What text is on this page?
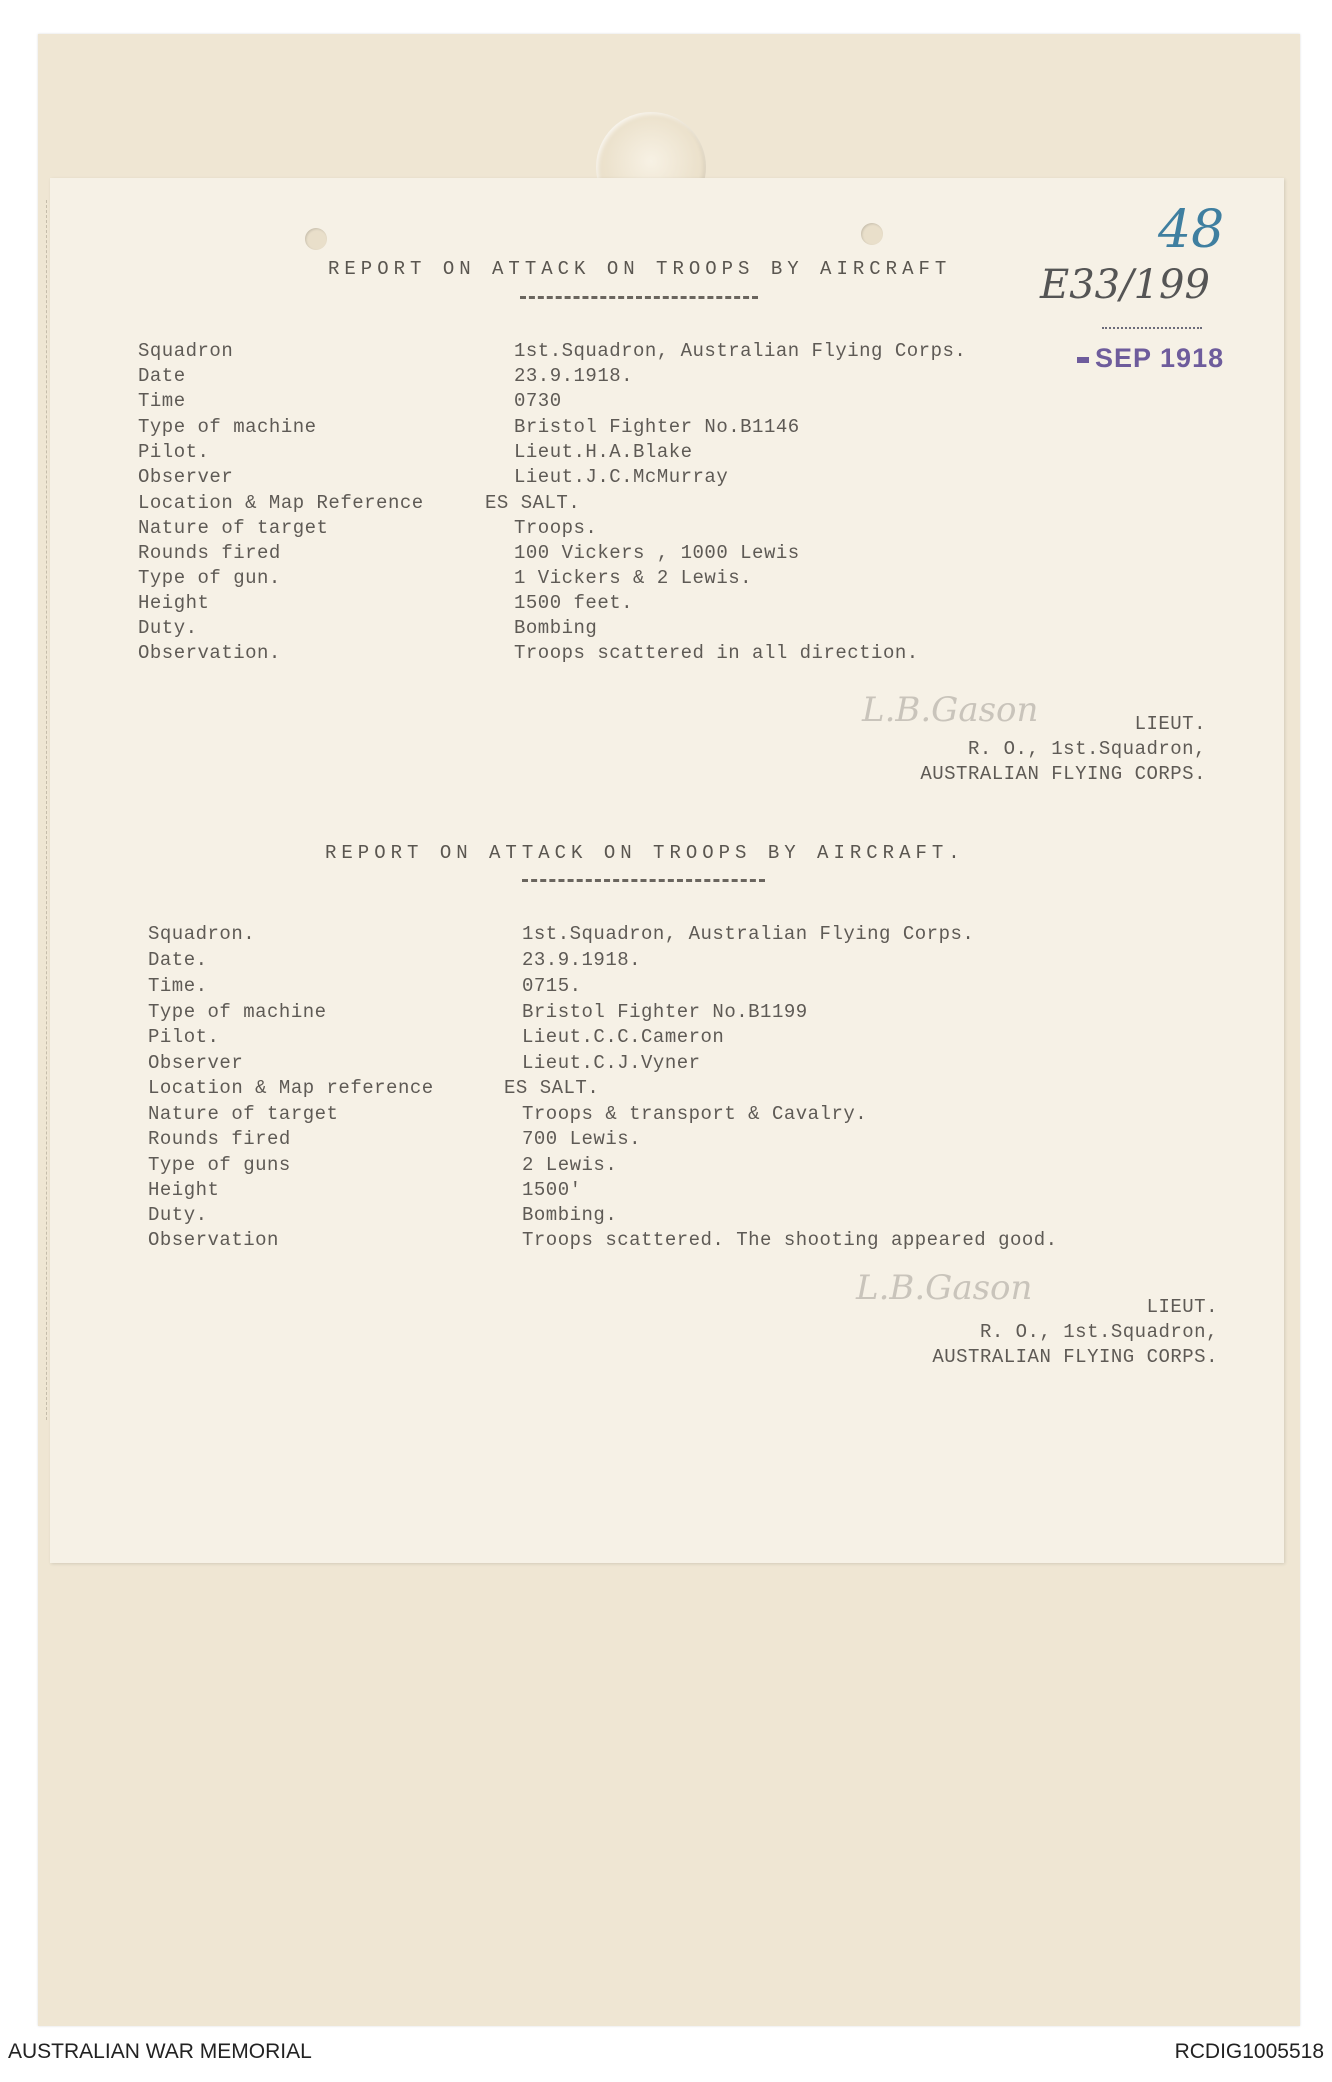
48
E33/199
SEP 1918
REPORT ON ATTACK ON TROOPS BY AIRCRAFT
Squadron	1st.Squadron, Australian Flying Corps.
Date	23.9.1918.
Time	0730
Type of machine	Bristol Fighter No.B1146
Pilot.	Lieut.H.A.Blake
Observer	Lieut.J.C.McMurray
Location & Map Reference	ES SALT.
Nature of target	Troops.
Rounds fired	100 Vickers , 1000 Lewis
Type of gun.	1 Vickers & 2 Lewis.
Height	1500 feet.
Duty.	Bombing
Observation.	Troops scattered in all direction.
L.B.Gason	LIEUT.
R. O., 1st.Squadron,
AUSTRALIAN FLYING CORPS.
REPORT ON ATTACK ON TROOPS BY AIRCRAFT.
Squadron.	1st.Squadron, Australian Flying Corps.
Date.	23.9.1918.
Time.	0715.
Type of machine	Bristol Fighter No.B1199
Pilot.	Lieut.C.C.Cameron
Observer	Lieut.C.J.Vyner
Location & Map reference	ES SALT.
Nature of target	Troops & transport & Cavalry.
Rounds fired	700 Lewis.
Type of guns	2 Lewis.
Height	1500'
Duty.	Bombing.
Observation	Troops scattered. The shooting appeared good.
L.B.Gason	LIEUT.
R. O., 1st.Squadron,
AUSTRALIAN FLYING CORPS.
AUSTRALIAN WAR MEMORIAL	RCDIG1005518
